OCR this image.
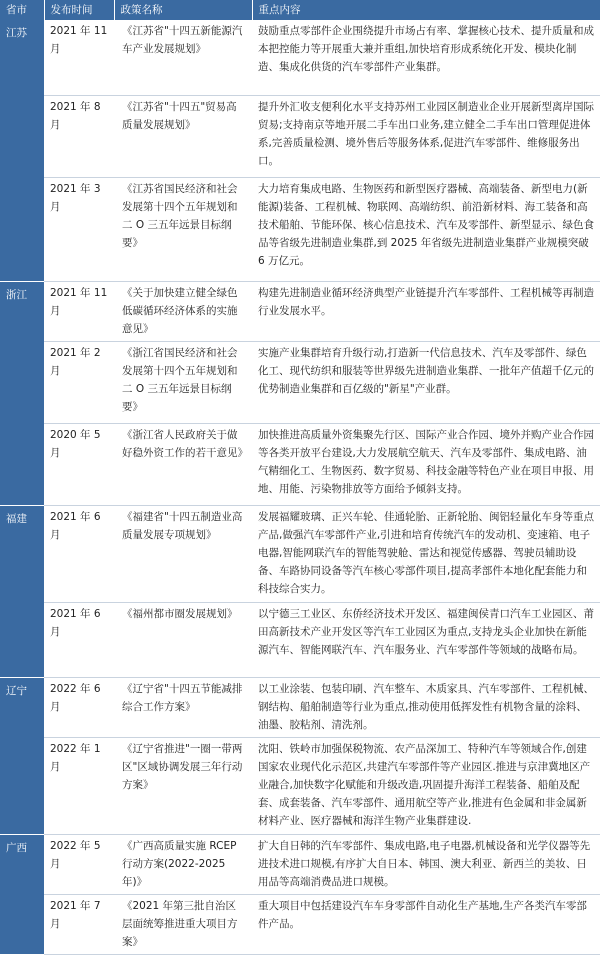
省市	发布时间	政策名称	重点内容
江苏	2021 年 11 月	《江苏省"十四五新能源汽车产业发展规划》	鼓励重点零部件企业围绕提升市场占有率、掌握核心技术、提升质量和成本把控能力等开展重大兼并重组,加快培育形成系统化开发、模块化制造、集成化供货的汽车零部件产业集群。
	2021 年 8 月	《江苏省"十四五"贸易高质量发展规划》	提升外汇收支便利化水平支持苏州工业园区制造业企业开展新型离岸国际贸易;支持南京等地开展二手车出口业务,建立健全二手车出口管理促进体系,完善质量检测、境外售后等服务体系,促进汽车零部件、维修服务出口。
	2021 年 3 月	《江苏省国民经济和社会发展第十四个五年规划和二 O 三五年远景目标纲要》	大力培育集成电路、生物医药和新型医疗器械、高端装备、新型电力(新能源)装备、工程机械、物联网、高端纺织、前沿新材料、海工装备和高技术船舶、节能环保、核心信息技术、汽车及零部件、新型显示、绿色食品等省级先进制造业集群,到 2025 年省级先进制造业集群产业规模突破 6 万亿元。
浙江	2021 年 11 月	《关于加快建立健全绿色低碳循环经济体系的实施意见》	构建先进制造业循环经济典型产业链提升汽车零部件、工程机械等再制造行业发展水平。
	2021 年 2 月	《浙江省国民经济和社会发展第十四个五年规划和二 O 三五年远景目标纲要》	实施产业集群培育升级行动,打造新一代信息技术、汽车及零部件、绿色化工、现代纺织和服装等世界级先进制造业集群、一批年产值超千亿元的优势制造业集群和百亿级的"新星"产业群。
	2020 年 5 月	《浙江省人民政府关于做好稳外资工作的若干意见》	加快推进高质量外资集聚先行区、国际产业合作园、境外并购产业合作园等各类开放平台建设,大力发展航空航天、汽车及零部件、集成电路、油气精细化工、生物医药、数字贸易、科技金融等特色产业在项目申报、用地、用能、污染物排放等方面给予倾斜支持。
福建	2021 年 6 月	《福建省"十四五制造业高质量发展专项规划》	发展福耀玻璃、正兴车轮、佳通轮胎、正新轮胎、闽铝轻量化车身等重点产品,做强汽车零部件产业,引进和培育传统汽车的发动机、变速箱、电子电器,智能网联汽车的智能驾驶舱、雷达和视觉传感器、驾驶员辅助设备、车路协同设备等汽车核心零部件项目,提高孝部件本地化配套能力和科技综合实力。
	2021 年 6 月	《福州都市圈发展规划》	以宁德三工业区、东侨经济技术开发区、福建闽侯青口汽车工业园区、莆田高新技术产业开发区等汽车工业园区为重点,支持龙头企业加快在新能源汽车、智能网联汽车、汽车服务业、汽车零部件等领域的战略布局。
辽宁	2022 年 6 月	《辽宁省"十四五节能减排综合工作方案》	以工业涂装、包装印刷、汽车整车、木质家具、汽车零部件、工程机械、钢结构、船舶制造等行业为重点,推动使用低挥发性有机物含量的涂料、油墨、胶粘剂、清洗剂。
	2022 年 1 月	《辽宁省推进"一圈一带两区"区域协调发展三年行动方案》	沈阳、铁岭市加强保税物流、农产品深加工、特种汽车等领域合作,创建国家农业现代化示范区,共建汽车零部件等产业园区.推进与京津冀地区产业融合,加快数字化赋能和升级改造,巩固提升海洋工程装备、船舶及配套、成套装备、汽车零部件、通用航空等产业,推进有色金属和非金属新材料产业、医疗器械和海洋生物产业集群建设.
广西	2022 年 5 月	《广西高质量实施 RCEP 行动方案(2022-2025 年)》	扩大自日韩的汽车零部件、集成电路,电子电器,机械设备和光学仪器等先进技术进口规模,有序扩大自日本、韩国、澳大利亚、新西兰的美妆、日用品等高端消费品进口规模。
	2021 年 7 月	《2021 年第三批自治区层面统筹推进重大项目方案》	重大项目中包括建设汽车车身零部件自动化生产基地,生产各类汽车零部件产品。
